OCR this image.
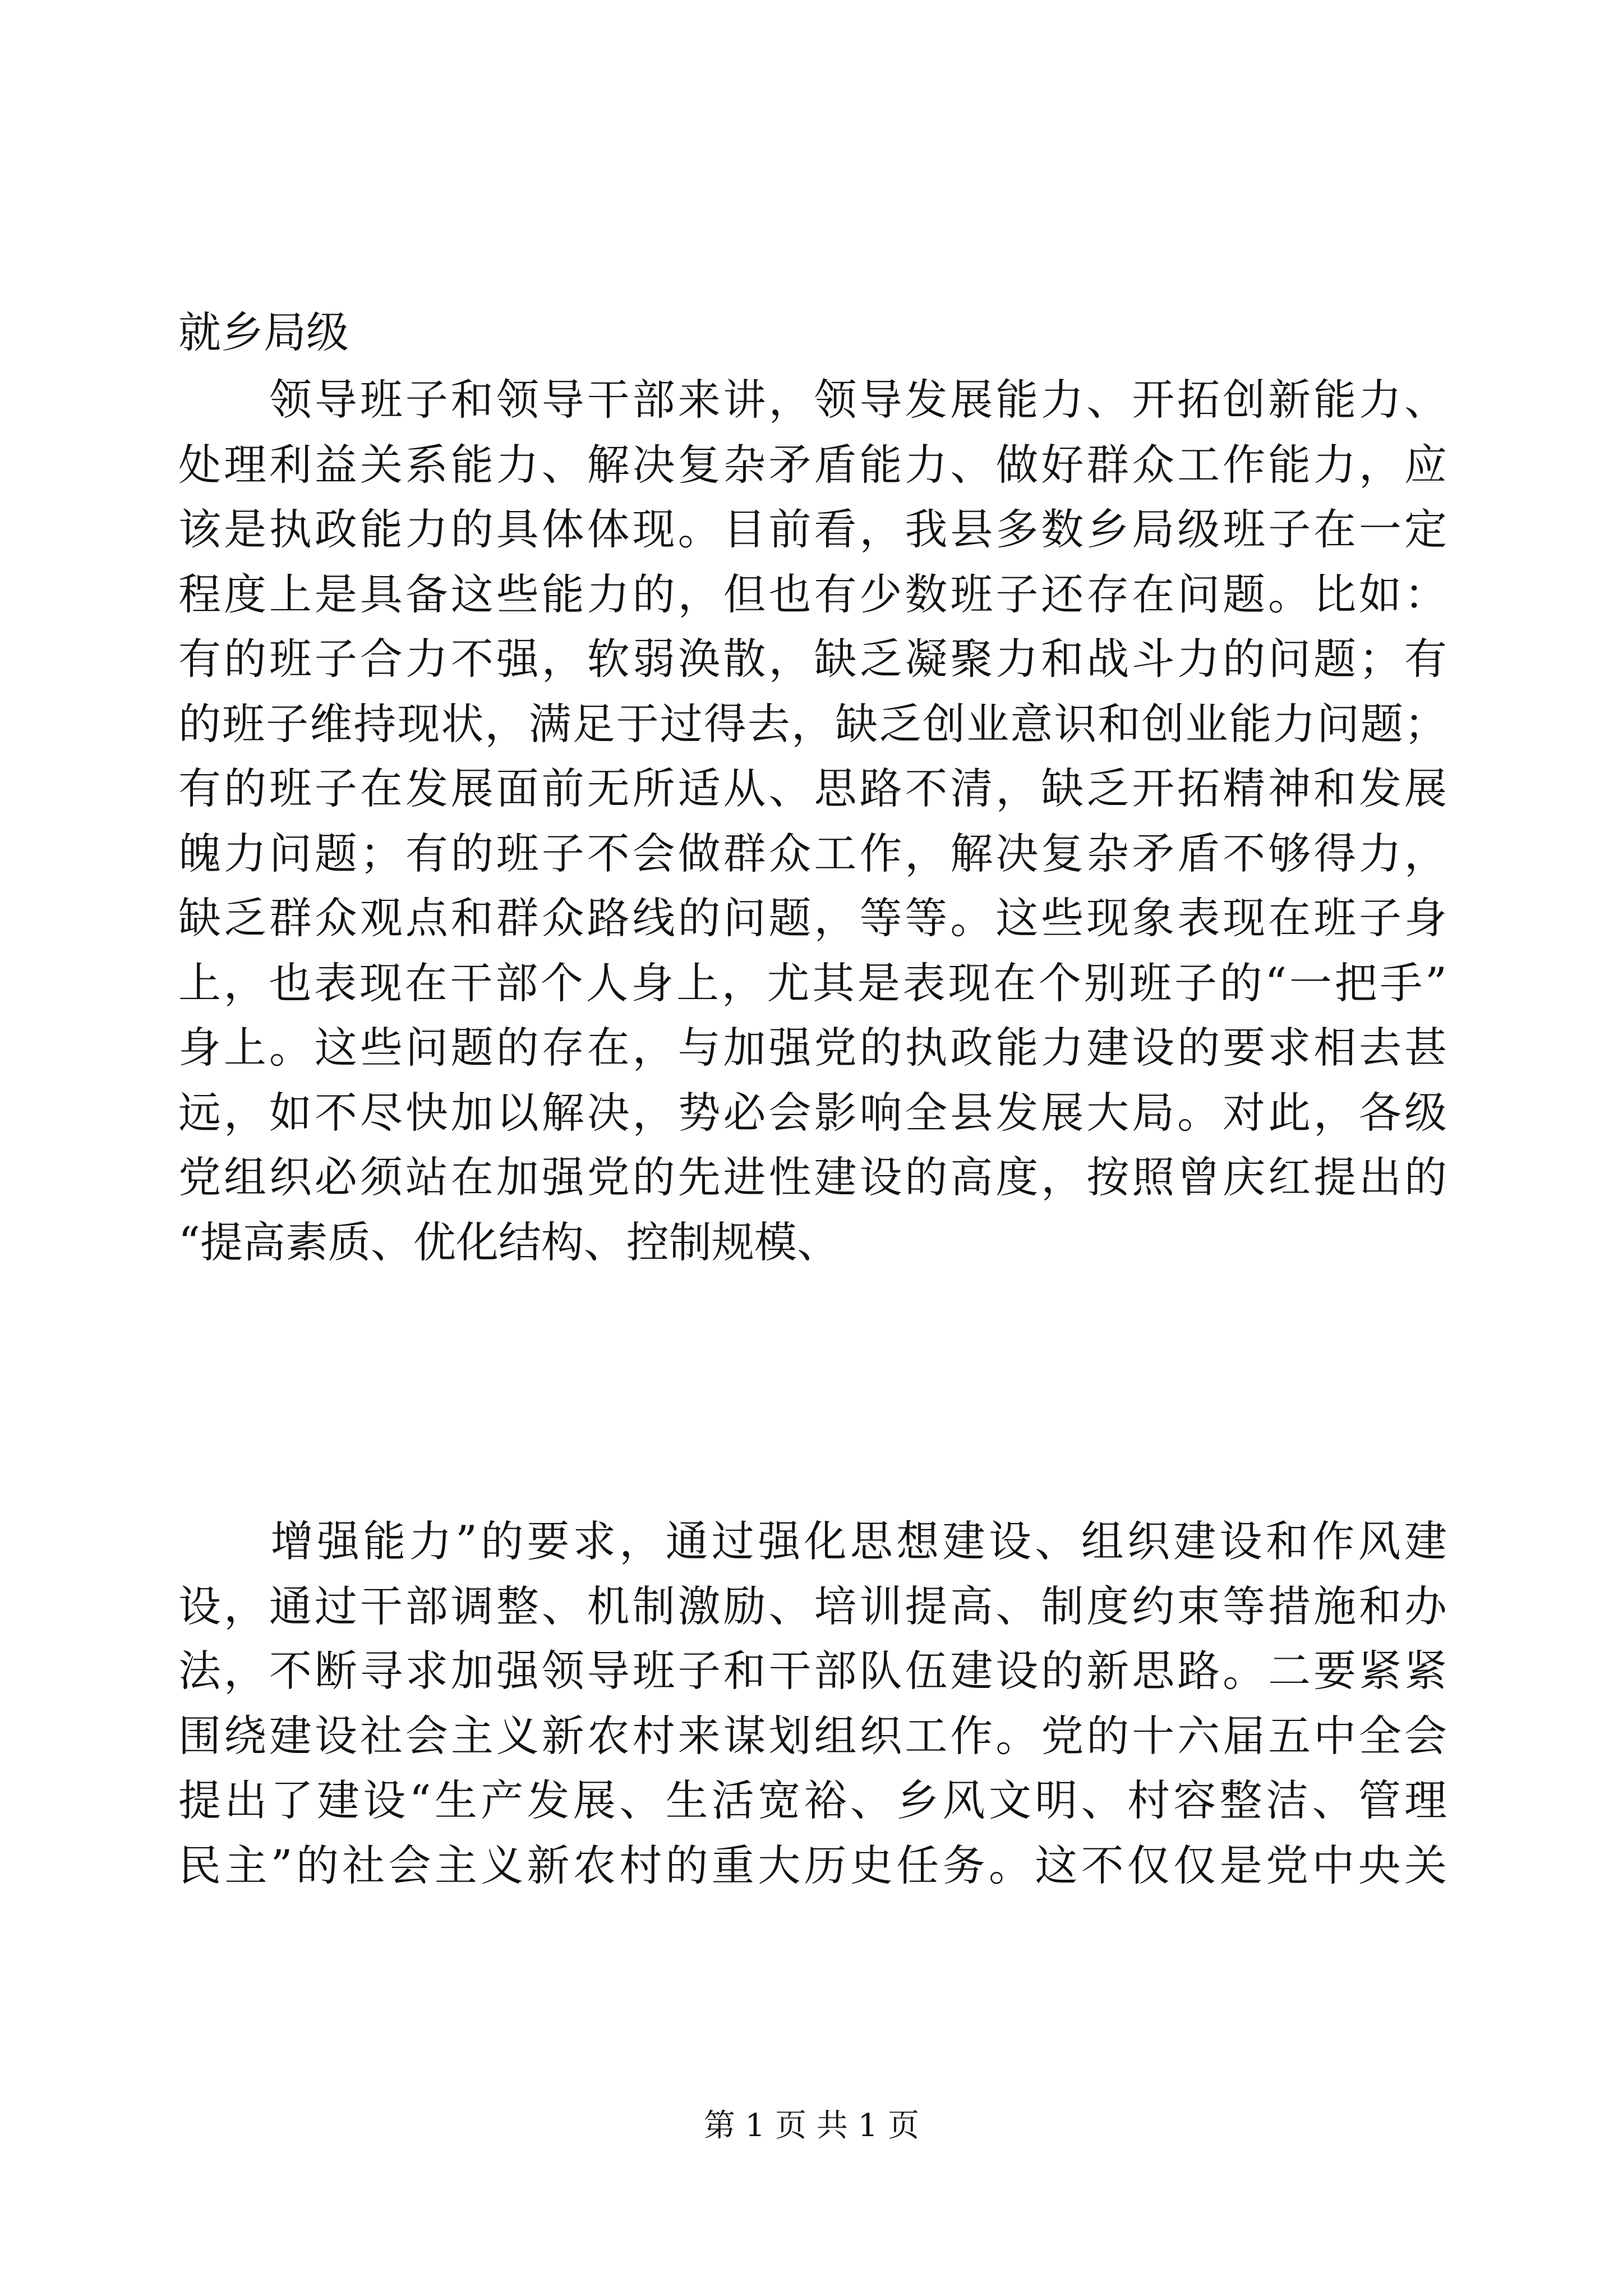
就乡局级

　　领导班子和领导干部来讲，领导发展能力、开拓创新能力、
处理利益关系能力、解决复杂矛盾能力、做好群众工作能力，应
该是执政能力的具体体现。目前看，我县多数乡局级班子在一定
程度上是具备这些能力的，但也有少数班子还存在问题。比如：
有的班子合力不强，软弱涣散，缺乏凝聚力和战斗力的问题；有
的班子维持现状，满足于过得去，缺乏创业意识和创业能力问题；
有的班子在发展面前无所适从、思路不清，缺乏开拓精神和发展
魄力问题；有的班子不会做群众工作，解决复杂矛盾不够得力，
缺乏群众观点和群众路线的问题，等等。这些现象表现在班子身
上，也表现在干部个人身上，尤其是表现在个别班子的“一把手”
身上。这些问题的存在，与加强党的执政能力建设的要求相去甚
远，如不尽快加以解决，势必会影响全县发展大局。对此，各级
党组织必须站在加强党的先进性建设的高度，按照曾庆红提出的
“提高素质、优化结构、控制规模、

　　增强能力”的要求，通过强化思想建设、组织建设和作风建
设，通过干部调整、机制激励、培训提高、制度约束等措施和办
法，不断寻求加强领导班子和干部队伍建设的新思路。二要紧紧
围绕建设社会主义新农村来谋划组织工作。党的十六届五中全会
提出了建设“生产发展、生活宽裕、乡风文明、村容整洁、管理
民主”的社会主义新农村的重大历史任务。这不仅仅是党中央关

第 1 页 共 1 页
